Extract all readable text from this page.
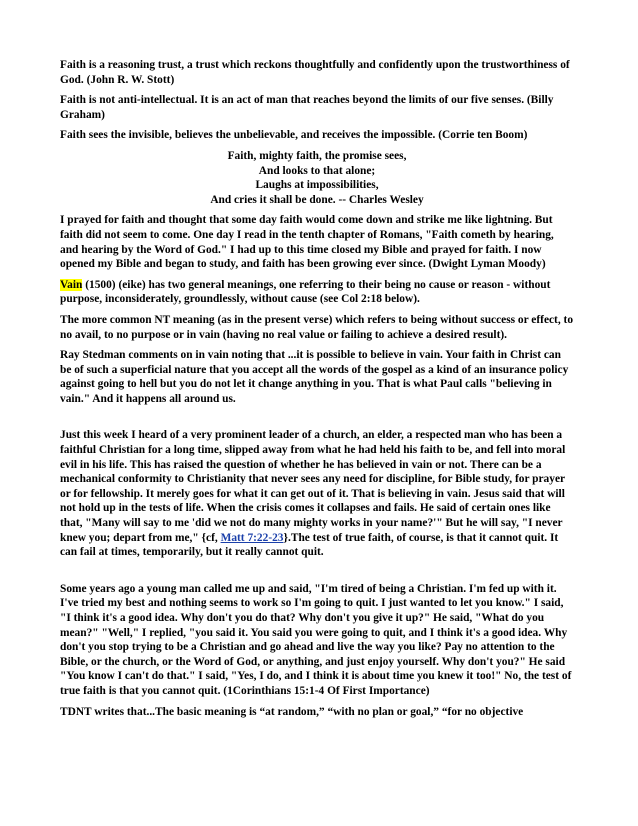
Faith is a reasoning trust, a trust which reckons thoughtfully and confidently upon the trustworthiness of God. (John R. W. Stott)

Faith is not anti-intellectual. It is an act of man that reaches beyond the limits of our five senses. (Billy Graham)

Faith sees the invisible, believes the unbelievable, and receives the impossible. (Corrie ten Boom)

Faith, mighty faith, the promise sees,
And looks to that alone;
Laughs at impossibilities,
And cries it shall be done. -- Charles Wesley

I prayed for faith and thought that some day faith would come down and strike me like lightning. But faith did not seem to come. One day I read in the tenth chapter of Romans, "Faith cometh by hearing, and hearing by the Word of God." I had up to this time closed my Bible and prayed for faith. I now opened my Bible and began to study, and faith has been growing ever since. (Dwight Lyman Moody)

Vain (1500) (eike) has two general meanings, one referring to their being no cause or reason - without purpose, inconsiderately, groundlessly, without cause (see Col 2:18 below).

The more common NT meaning (as in the present verse) which refers to being without success or effect, to no avail, to no purpose or in vain (having no real value or failing to achieve a desired result).

Ray Stedman comments on in vain noting that ...it is possible to believe in vain. Your faith in Christ can be of such a superficial nature that you accept all the words of the gospel as a kind of an insurance policy against going to hell but you do not let it change anything in you. That is what Paul calls "believing in vain." And it happens all around us.

Just this week I heard of a very prominent leader of a church, an elder, a respected man who has been a faithful Christian for a long time, slipped away from what he had held his faith to be, and fell into moral evil in his life. This has raised the question of whether he has believed in vain or not. There can be a mechanical conformity to Christianity that never sees any need for discipline, for Bible study, for prayer or for fellowship. It merely goes for what it can get out of it. That is believing in vain. Jesus said that will not hold up in the tests of life. When the crisis comes it collapses and fails. He said of certain ones like that, "Many will say to me 'did we not do many mighty works in your name?'" But he will say, "I never knew you; depart from me," {cf, Matt 7:22-23}.The test of true faith, of course, is that it cannot quit. It can fail at times, temporarily, but it really cannot quit.

Some years ago a young man called me up and said, "I'm tired of being a Christian. I'm fed up with it. I've tried my best and nothing seems to work so I'm going to quit. I just wanted to let you know." I said, "I think it's a good idea. Why don't you do that? Why don't you give it up?" He said, "What do you mean?" "Well," I replied, "you said it. You said you were going to quit, and I think it's a good idea. Why don't you stop trying to be a Christian and go ahead and live the way you like? Pay no attention to the Bible, or the church, or the Word of God, or anything, and just enjoy yourself. Why don't you?" He said "You know I can't do that." I said, "Yes, I do, and I think it is about time you knew it too!" No, the test of true faith is that you cannot quit. (1Corinthians 15:1-4 Of First Importance)

TDNT writes that...The basic meaning is “at random,” “with no plan or goal,” “for no objective
